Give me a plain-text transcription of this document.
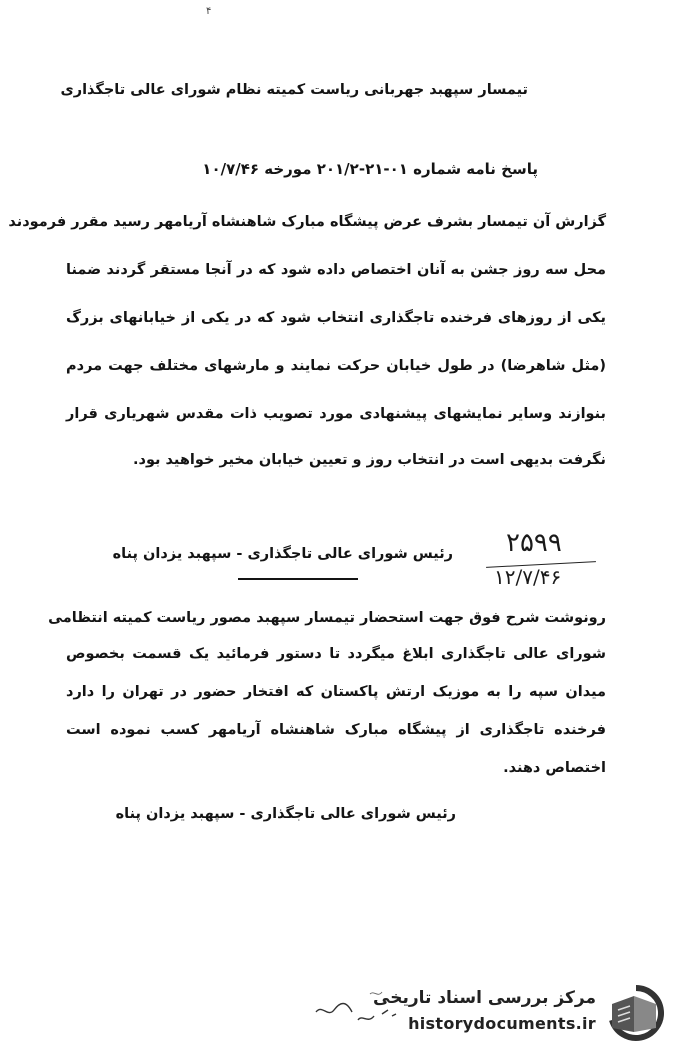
۴
تیمسار سپهبد جهربانی ریاست کمیته نظام شورای عالی تاجگذاری
پاسخ نامه شماره ۰۱-۲۱-۲۰۱/۲ مورخه ۱۰/۷/۴۶
گزارش آن تیمسار بشرف عرض پیشگاه مبارک شاهنشاه آریامهر رسید مقرر فرمودند
محل سه روز جشن به آنان اختصاص داده شود که در آنجا مستقر گردند ضمنا
یکی از روزهای فرخنده تاجگذاری انتخاب شود که در یکی از خیابانهای بزرگ
(مثل شاهرضا) در طول خیابان حرکت نمایند و مارشهای مختلف جهت مردم
بنوازند وسایر نمایشهای پیشنهادی مورد تصویب ذات مقدس شهریاری قرار
نگرفت بدیهی است در انتخاب روز و تعیین خیابان مخیر خواهید بود.
رئیس شورای عالی تاجگذاری - سپهبد یزدان پناه ۲۵۹۹
۱۲/۷/۴۶
رونوشت شرح فوق جهت استحضار تیمسار سپهبد مصور ریاست کمیته انتظامی
شورای عالی تاجگذاری ابلاغ میگردد تا دستور فرمائید یک قسمت بخصوص
میدان سپه را به موزیک ارتش پاکستان که افتخار حضور در تهران را دارد
فرخنده تاجگذاری از پیشگاه مبارک شاهنشاه آریامهر کسب نموده است
اختصاص دهند.
رئیس شورای عالی تاجگذاری - سپهبد یزدان پناه
مرکز بررسی اسناد تاریخی
historydocuments.ir
